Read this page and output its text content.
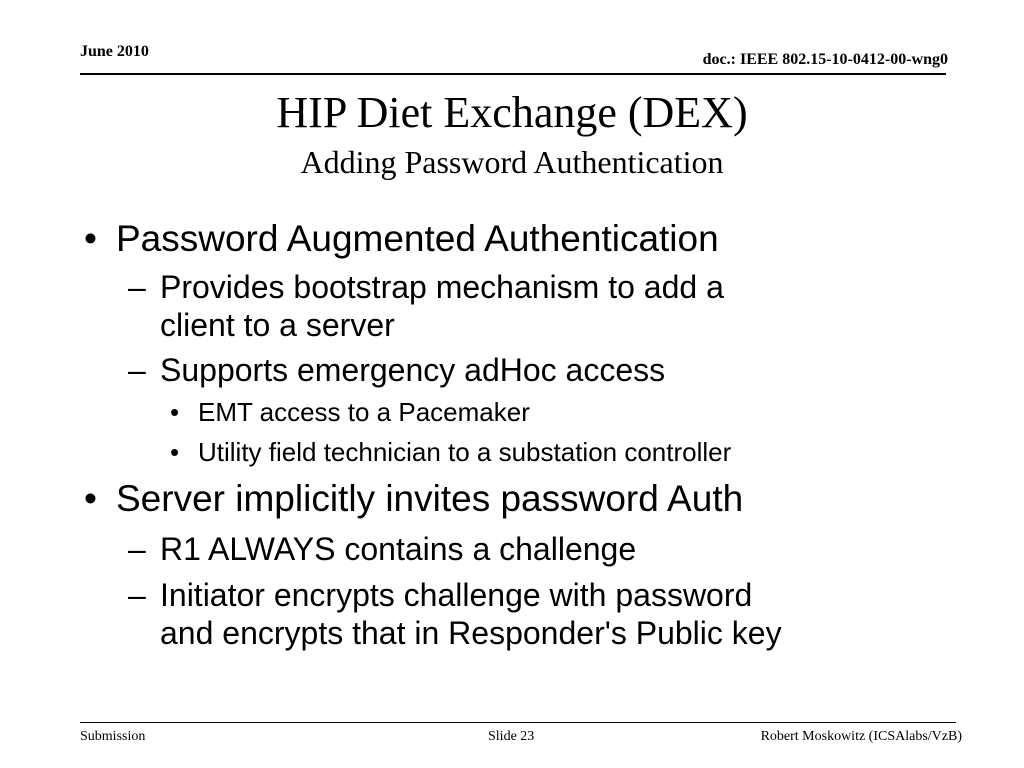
June 2010	doc.: IEEE 802.15-10-0412-00-wng0
HIP Diet Exchange (DEX)
Adding Password Authentication
• Password Augmented Authentication
– Provides bootstrap mechanism to add a
client to a server
– Supports emergency adHoc access
• EMT access to a Pacemaker
• Utility field technician to a substation controller
• Server implicitly invites password Auth
– R1 ALWAYS contains a challenge
– Initiator encrypts challenge with password
and encrypts that in Responder's Public key
Submission	Slide 23	Robert Moskowitz (ICSAlabs/VzB)
